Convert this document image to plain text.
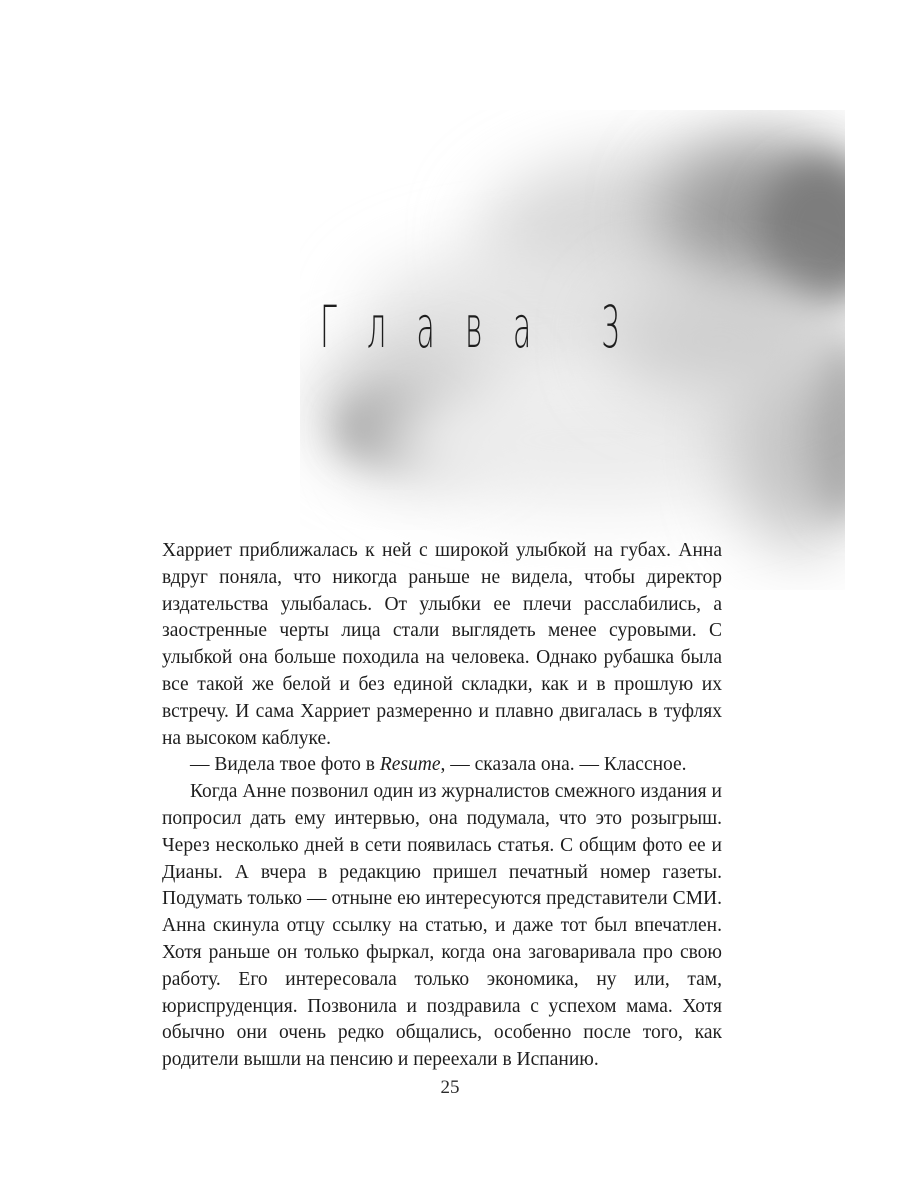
Глава 3

Харриет приближалась к ней с широкой улыбкой на губах. Анна вдруг поняла, что никогда раньше не видела, чтобы директор издательства улыбалась. От улыбки ее плечи расслабились, а заостренные черты лица стали выглядеть менее суровыми. С улыбкой она больше походила на человека. Однако рубашка была все такой же белой и без единой складки, как и в прошлую их встречу. И сама Харриет размеренно и плавно двигалась в туфлях на высоком каблуке.

— Видела твое фото в Resume, — сказала она. — Классное.

Когда Анне позвонил один из журналистов смежного издания и попросил дать ему интервью, она подумала, что это розыгрыш. Через несколько дней в сети появилась статья. С общим фото ее и Дианы. А вчера в редакцию пришел печатный номер газеты. Подумать только — отныне ею интересуются представители СМИ. Анна скинула отцу ссылку на статью, и даже тот был впечатлен. Хотя раньше он только фыркал, когда она заговаривала про свою работу. Его интересовала только экономика, ну или, там, юриспруденция. Позвонила и поздравила с успехом мама. Хотя обычно они очень редко общались, особенно после того, как родители вышли на пенсию и переехали в Испанию.

25
